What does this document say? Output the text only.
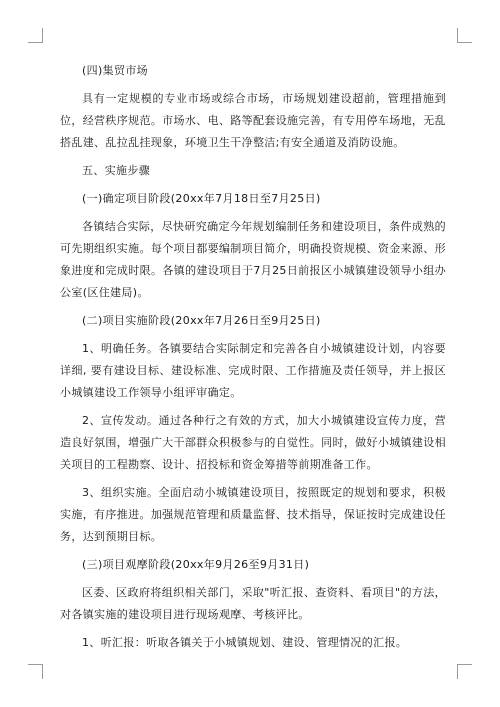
(四)集贸市场

具有一定规模的专业市场或综合市场，市场规划建设超前，管理措施到位，经营秩序规范。市场水、电、路等配套设施完善，有专用停车场地，无乱搭乱建、乱拉乱挂现象，环境卫生干净整洁;有安全通道及消防设施。

五、实施步骤

(一)确定项目阶段(20xx年7月18日至7月25日)

各镇结合实际，尽快研究确定今年规划编制任务和建设项目，条件成熟的可先期组织实施。每个项目都要编制项目简介，明确投资规模、资金来源、形象进度和完成时限。各镇的建设项目于7月25日前报区小城镇建设领导小组办公室(区住建局)。

(二)项目实施阶段(20xx年7月26日至9月25日)

1、明确任务。各镇要结合实际制定和完善各自小城镇建设计划，内容要详细, 要有建设目标、建设标准、完成时限、工作措施及责任领导，并上报区小城镇建设工作领导小组评审确定。

2、宣传发动。通过各种行之有效的方式，加大小城镇建设宣传力度，营造良好氛围，增强广大干部群众积极参与的自觉性。同时，做好小城镇建设相关项目的工程勘察、设计、招投标和资金筹措等前期准备工作。

3、组织实施。全面启动小城镇建设项目，按照既定的规划和要求，积极实施，有序推进。加强规范管理和质量监督、技术指导，保证按时完成建设任务，达到预期目标。

(三)项目观摩阶段(20xx年9月26至9月31日)

区委、区政府将组织相关部门，采取"听汇报、查资料、看项目"的方法，对各镇实施的建设项目进行现场观摩、考核评比。

1、听汇报：听取各镇关于小城镇规划、建设、管理情况的汇报。
